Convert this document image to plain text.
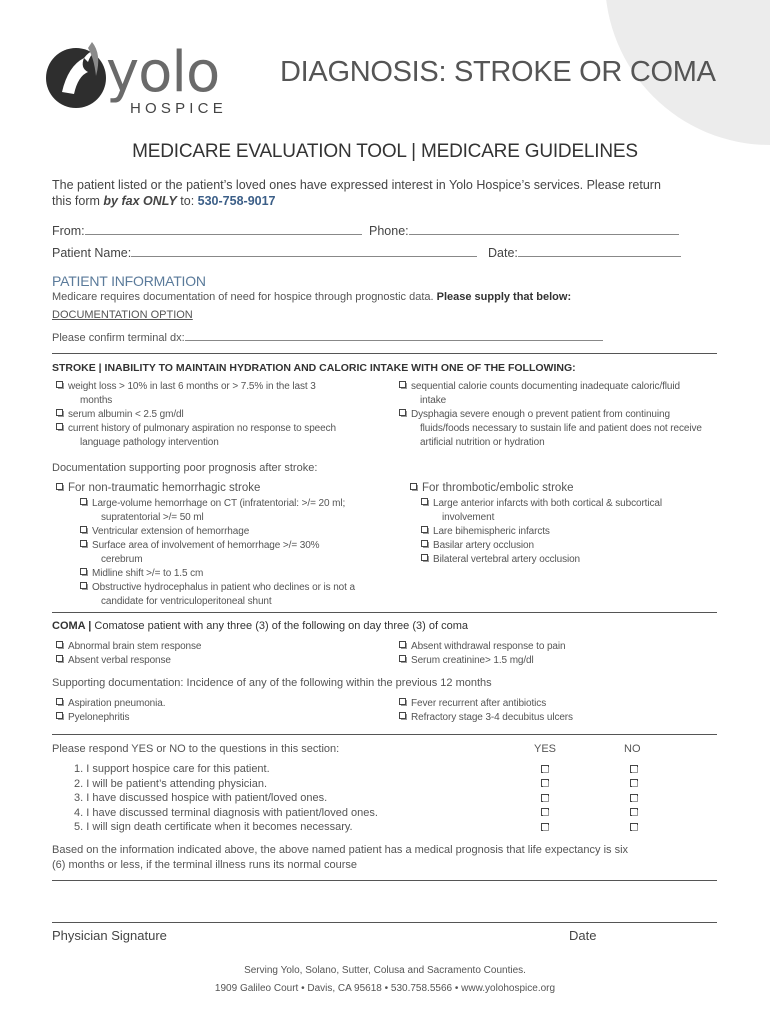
yolo
HOSPICE
DIAGNOSIS: STROKE OR COMA
MEDICARE EVALUATION TOOL | MEDICARE GUIDELINES
The patient listed or the patient’s loved ones have expressed interest in Yolo Hospice’s services. Please return
this form by fax ONLY to: 530-758-9017
From:	Phone:
Patient Name:	Date:
PATIENT INFORMATION
Medicare requires documentation of need for hospice through prognostic data. Please supply that below:
DOCUMENTATION OPTION
Please confirm terminal dx:
STROKE | INABILITY TO MAINTAIN HYDRATION AND CALORIC INTAKE WITH ONE OF THE FOLLOWING:
weight loss > 10% in last 6 months or > 7.5% in the last 3
months
serum albumin < 2.5 gm/dl
current history of pulmonary aspiration no response to speech
language pathology intervention
sequential calorie counts documenting inadequate caloric/fluid
intake
Dysphagia severe enough o prevent patient from continuing
fluids/foods necessary to sustain life and patient does not receive
artificial nutrition or hydration
Documentation supporting poor prognosis after stroke:
For non-traumatic hemorrhagic stroke
Large-volume hemorrhage on CT (infratentorial: >/= 20 ml;
supratentorial >/= 50 ml
Ventricular extension of hemorrhage
Surface area of involvement of hemorrhage >/= 30%
cerebrum
Midline shift >/= to 1.5 cm
Obstructive hydrocephalus in patient who declines or is not a
candidate for ventriculoperitoneal shunt
For thrombotic/embolic stroke
Large anterior infarcts with both cortical & subcortical
involvement
Lare bihemispheric infarcts
Basilar artery occlusion
Bilateral vertebral artery occlusion
COMA | Comatose patient with any three (3) of the following on day three (3) of coma
Abnormal brain stem response
Absent verbal response
Absent withdrawal response to pain
Serum creatinine> 1.5 mg/dl
Supporting documentation: Incidence of any of the following within the previous 12 months
Aspiration pneumonia.
Pyelonephritis
Fever recurrent after antibiotics
Refractory stage 3-4 decubitus ulcers
Please respond YES or NO to the questions in this section:	YES	NO
1. I support hospice care for this patient.
2. I will be patient’s attending physician.
3. I have discussed hospice with patient/loved ones.
4. I have discussed terminal diagnosis with patient/loved ones.
5. I will sign death certificate when it becomes necessary.
Based on the information indicated above, the above named patient has a medical prognosis that life expectancy is six
(6) months or less, if the terminal illness runs its normal course
Physician Signature	Date
Serving Yolo, Solano, Sutter, Colusa and Sacramento Counties.
1909 Galileo Court • Davis, CA 95618 • 530.758.5566 • www.yolohospice.org
